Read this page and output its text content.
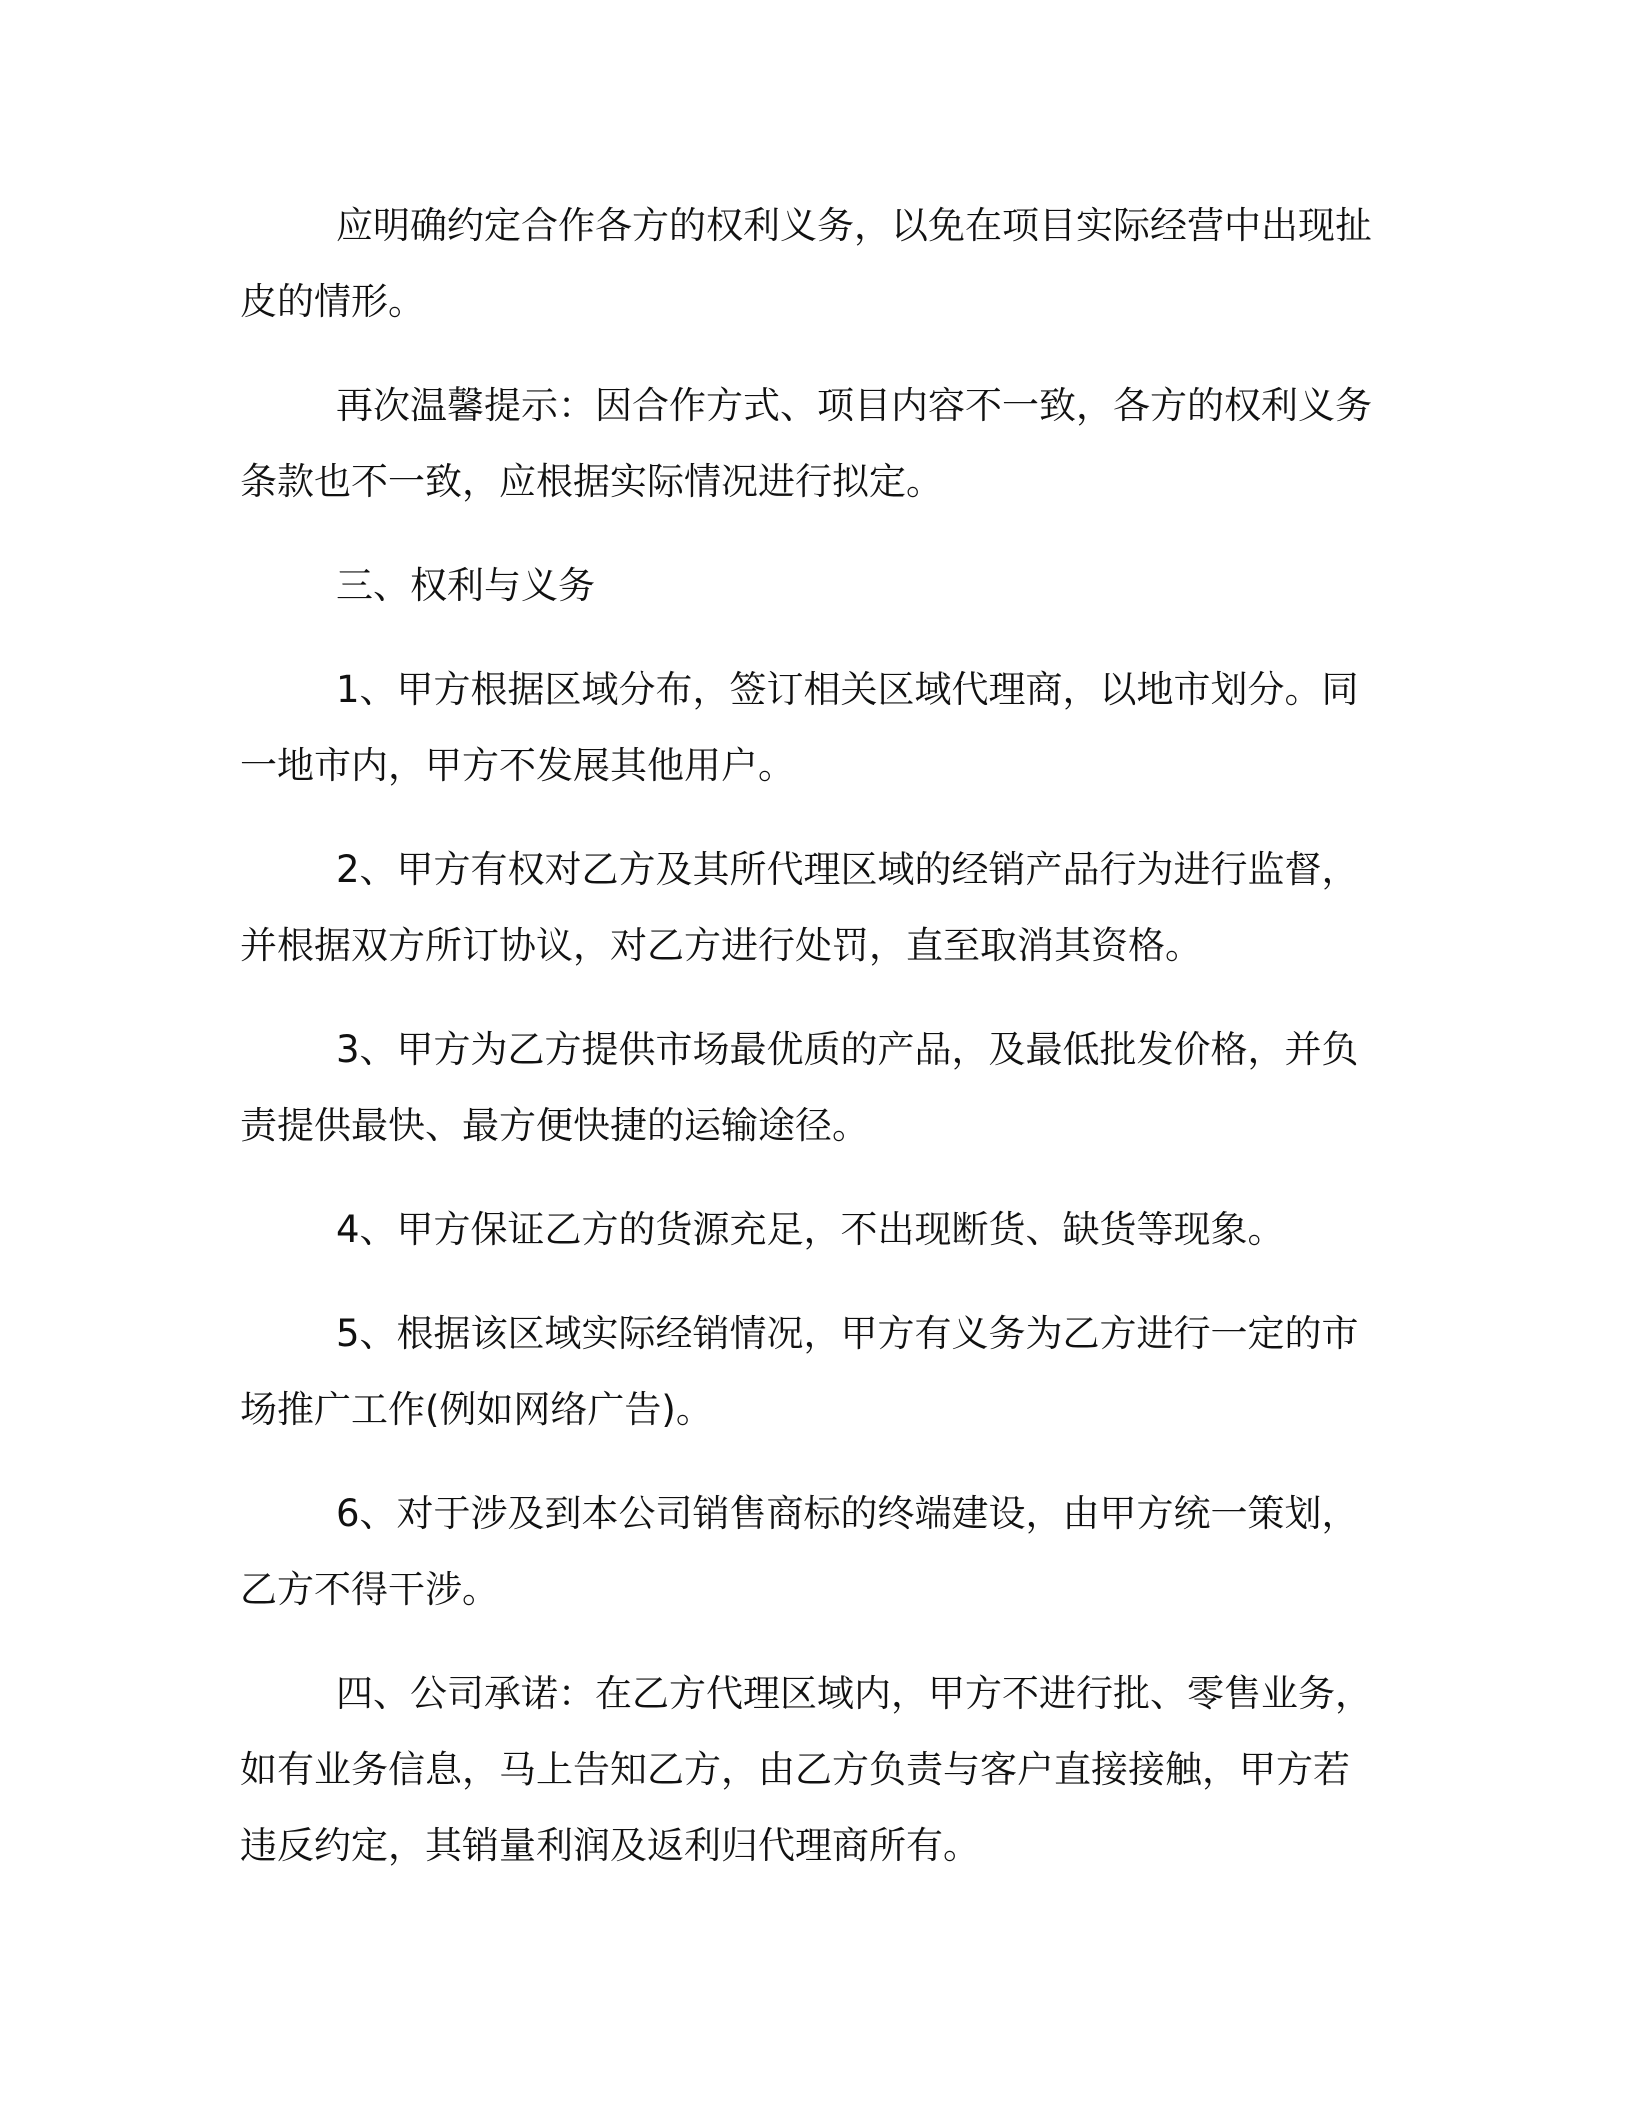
应明确约定合作各方的权利义务，以免在项目实际经营中出现扯皮的情形。

再次温馨提示：因合作方式、项目内容不一致，各方的权利义务条款也不一致，应根据实际情况进行拟定。

三、权利与义务

1、甲方根据区域分布，签订相关区域代理商，以地市划分。同一地市内，甲方不发展其他用户。

2、甲方有权对乙方及其所代理区域的经销产品行为进行监督，并根据双方所订协议，对乙方进行处罚，直至取消其资格。

3、甲方为乙方提供市场最优质的产品，及最低批发价格，并负责提供最快、最方便快捷的运输途径。

4、甲方保证乙方的货源充足，不出现断货、缺货等现象。

5、根据该区域实际经销情况，甲方有义务为乙方进行一定的市场推广工作(例如网络广告)。

6、对于涉及到本公司销售商标的终端建设，由甲方统一策划，乙方不得干涉。

四、公司承诺：在乙方代理区域内，甲方不进行批、零售业务，如有业务信息，马上告知乙方，由乙方负责与客户直接接触，甲方若违反约定，其销量利润及返利归代理商所有。
